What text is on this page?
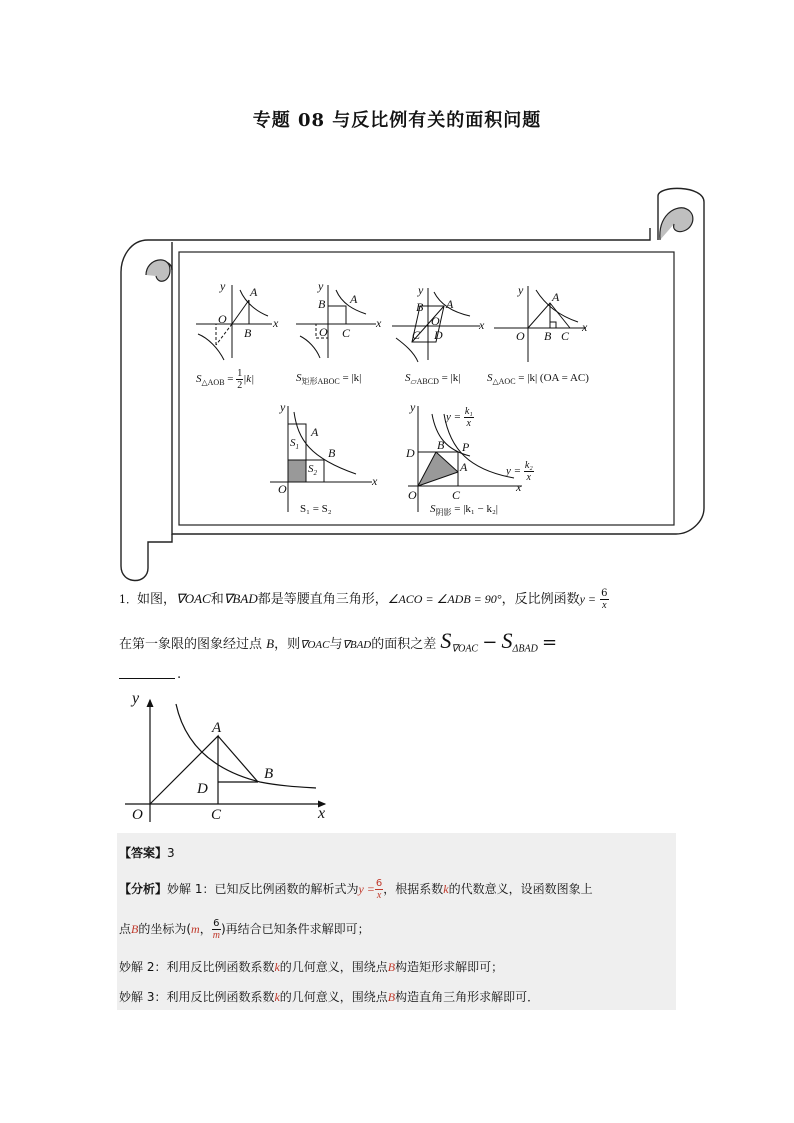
专题 08 与反比例有关的面积问题
y
x
A
B
O
$S_{\triangle AOB} = \frac{1}{2} |k|$
y
x
A
B
C
O
$S_{矩形ABOC} = |k|$
y
x
A
B
C D
O
$S_{▱ABCD} = |k|$
y
x
A
B C
O
$S_{\triangle AOC} = |k|$ (OA = AC)
y
x
A
B
O
$S_1$
$S_2$
S₁ = S₂
y
x
A
B
C
D	P
O
$y = \frac{\text{k₁}}{x}$
$y = \frac{\text{k₂}}{x}$
$S_{阴影} = |k_1 - k_2|$
1．如图，∇OAC和∇BAD都是等腰直角三角形，∠ACO = ∠ADB = 90°，反比例函数$y = \frac{6}{x}$
在第一象限的图象经过点 B，则∇OAC与∇BAD的面积之差 $S_{\nabla OAC} - S_{\Delta BAD}$ =
.
y
x
A
B
C
D
O
【答案】3
【分析】妙解 1：已知反比例函数的解析式为$y = \frac{6}{x}$ ，根据系数k的代数意义，设函数图象上
点B的坐标为(m， $\frac{6}{m}$ )再结合已知条件求解即可；
妙解 2：利用反比例函数系数k的几何意义，围绕点B构造矩形求解即可；
妙解 3：利用反比例函数系数k的几何意义，围绕点B构造直角三角形求解即可．
